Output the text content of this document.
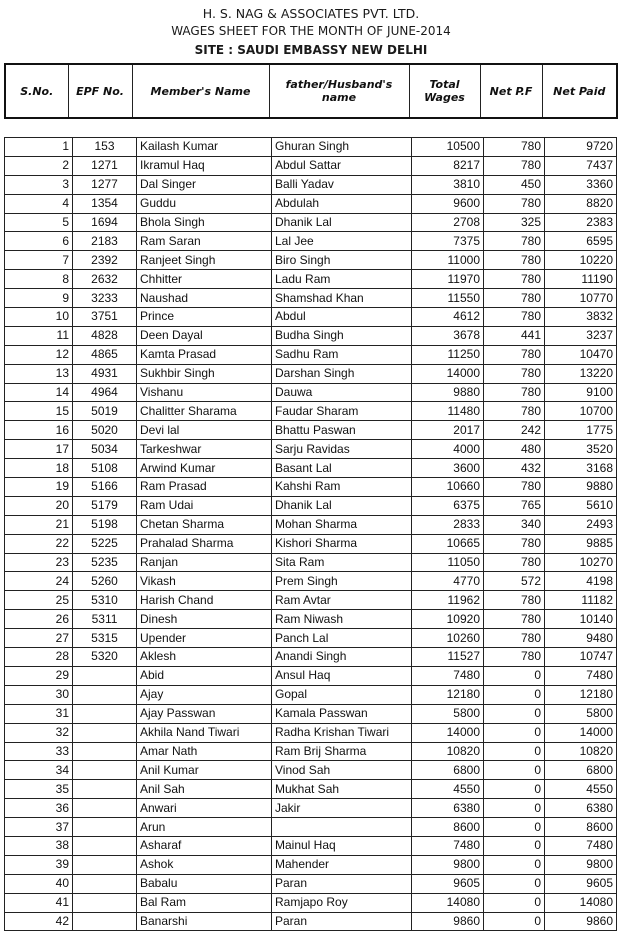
H. S. NAG & ASSOCIATES PVT. LTD.
WAGES SHEET FOR THE MONTH OF JUNE-2014
SITE : SAUDI EMBASSY NEW DELHI
S.No.	EPF No.	Member's Name	father/Husband's name	Total Wages	Net P.F	Net Paid
1	153	Kailash Kumar	Ghuran Singh	10500	780	9720
2	1271	Ikramul Haq	Abdul Sattar	8217	780	7437
3	1277	Dal Singer	Balli Yadav	3810	450	3360
4	1354	Guddu	Abdulah	9600	780	8820
5	1694	Bhola Singh	Dhanik Lal	2708	325	2383
6	2183	Ram Saran	Lal Jee	7375	780	6595
7	2392	Ranjeet Singh	Biro Singh	11000	780	10220
8	2632	Chhitter	Ladu Ram	11970	780	11190
9	3233	Naushad	Shamshad Khan	11550	780	10770
10	3751	Prince	Abdul	4612	780	3832
11	4828	Deen Dayal	Budha Singh	3678	441	3237
12	4865	Kamta Prasad	Sadhu Ram	11250	780	10470
13	4931	Sukhbir Singh	Darshan Singh	14000	780	13220
14	4964	Vishanu	Dauwa	9880	780	9100
15	5019	Chalitter Sharama	Faudar Sharam	11480	780	10700
16	5020	Devi lal	Bhattu Paswan	2017	242	1775
17	5034	Tarkeshwar	Sarju Ravidas	4000	480	3520
18	5108	Arwind Kumar	Basant Lal	3600	432	3168
19	5166	Ram Prasad	Kahshi Ram	10660	780	9880
20	5179	Ram Udai	Dhanik Lal	6375	765	5610
21	5198	Chetan Sharma	Mohan Sharma	2833	340	2493
22	5225	Prahalad Sharma	Kishori Sharma	10665	780	9885
23	5235	Ranjan	Sita Ram	11050	780	10270
24	5260	Vikash	Prem Singh	4770	572	4198
25	5310	Harish Chand	Ram Avtar	11962	780	11182
26	5311	Dinesh	Ram Niwash	10920	780	10140
27	5315	Upender	Panch Lal	10260	780	9480
28	5320	Aklesh	Anandi Singh	11527	780	10747
29		Abid	Ansul Haq	7480	0	7480
30		Ajay	Gopal	12180	0	12180
31		Ajay Passwan	Kamala Passwan	5800	0	5800
32		Akhila Nand Tiwari	Radha Krishan Tiwari	14000	0	14000
33		Amar Nath	Ram Brij Sharma	10820	0	10820
34		Anil Kumar	Vinod Sah	6800	0	6800
35		Anil Sah	Mukhat Sah	4550	0	4550
36		Anwari	Jakir	6380	0	6380
37		Arun		8600	0	8600
38		Asharaf	Mainul Haq	7480	0	7480
39		Ashok	Mahender	9800	0	9800
40		Babalu	Paran	9605	0	9605
41		Bal Ram	Ramjapo Roy	14080	0	14080
42		Banarshi	Paran	9860	0	9860
